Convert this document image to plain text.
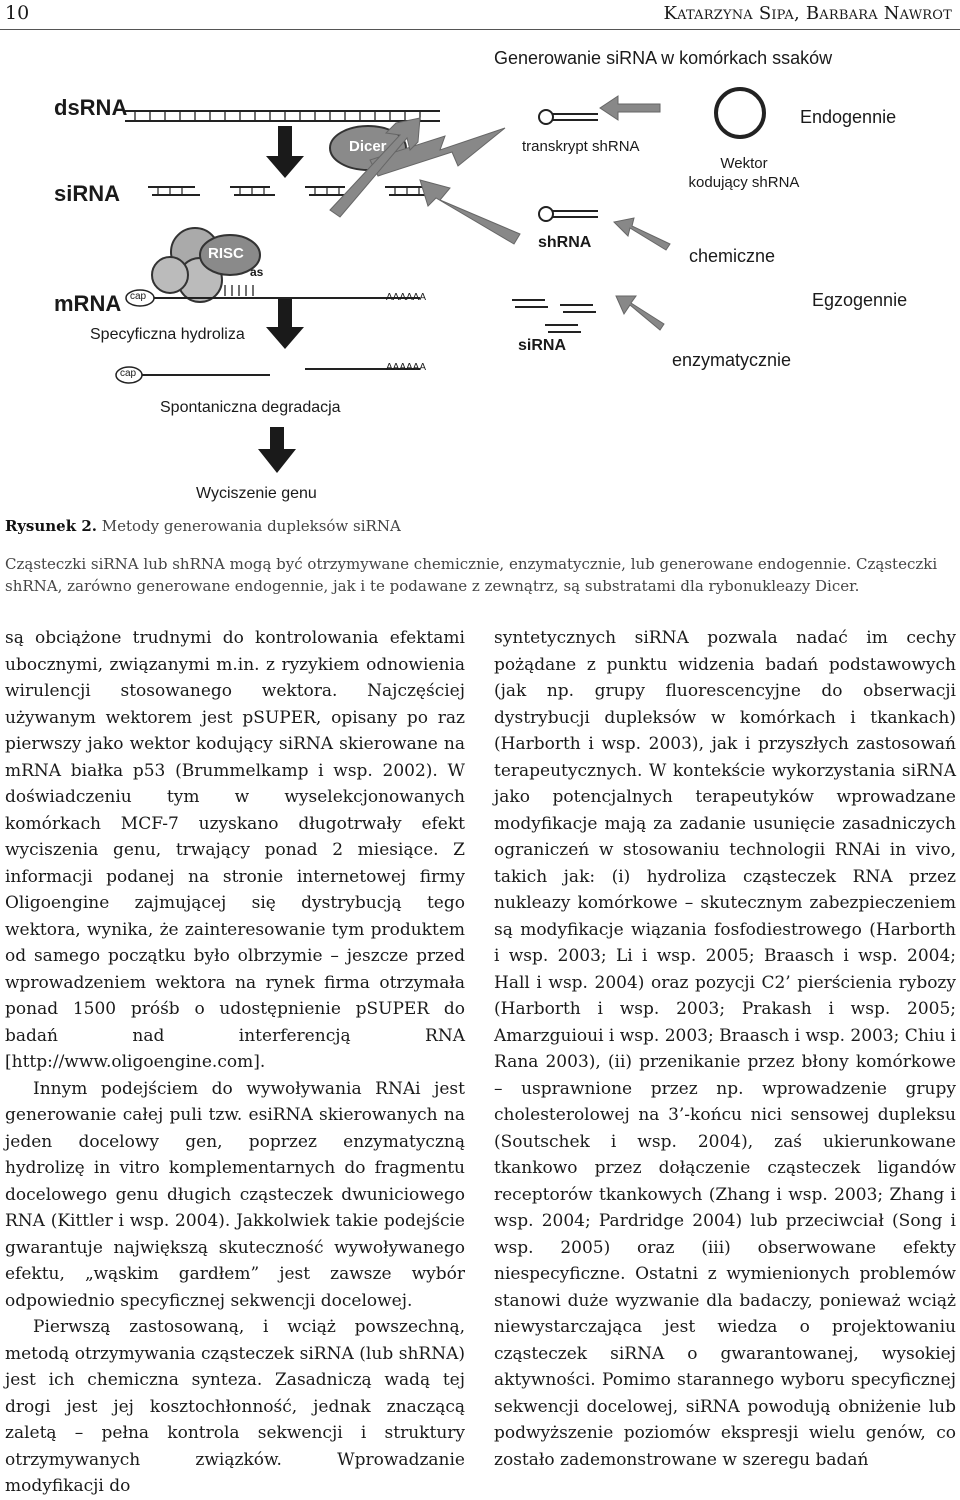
10	Katarzyna Sipa, Barbara Nawrot
Generowanie siRNA w komórkach ssaków
dsRNA
siRNA
mRNA
Dicer
RISC
as
cap
cap
AAAAAA
AAAAAA
transkrypt shRNA
Wektor
kodujący shRNA
Endogennie
shRNA
chemiczne
Egzogennie
siRNA
enzymatycznie
Specyficzna hydroliza
Spontaniczna degradacja
Wyciszenie genu
Rysunek 2. Metody generowania dupleksów siRNA
Cząsteczki siRNA lub shRNA mogą być otrzymywane chemicznie, enzymatycznie, lub generowane endogennie. Cząsteczki shRNA, zarówno generowane endogennie, jak i te podawane z zewnątrz, są substratami dla rybonukleazy Dicer.

są obciążone trudnymi do kontrolowania efektami ubocznymi, związanymi m.in. z ryzykiem odnowienia wirulencji stosowanego wektora. Najczęściej używanym wektorem jest pSUPER, opisany po raz pierwszy jako wektor kodujący siRNA skierowane na mRNA białka p53 (Brummelkamp i wsp. 2002). W doświadczeniu tym w wyselekcjonowanych komórkach MCF-7 uzyskano długotrwały efekt wyciszenia genu, trwający ponad 2 miesiące. Z informacji podanej na stronie internetowej firmy Oligoengine zajmującej się dystrybucją tego wektora, wynika, że zainteresowanie tym produktem od samego początku było olbrzymie – jeszcze przed wprowadzeniem wektora na rynek firma otrzymała ponad 1500 próśb o udostępnienie pSUPER do badań nad interferencją RNA [http://www.oligoengine.com].

Innym podejściem do wywoływania RNAi jest generowanie całej puli tzw. esiRNA skierowanych na jeden docelowy gen, poprzez enzymatyczną hydrolizę in vitro komplementarnych do fragmentu docelowego genu długich cząsteczek dwuniciowego RNA (Kittler i wsp. 2004). Jakkolwiek takie podejście gwarantuje największą skuteczność wywoływanego efektu, „wąskim gardłem” jest zawsze wybór odpowiednio specyficznej sekwencji docelowej.

Pierwszą zastosowaną, i wciąż powszechną, metodą otrzymywania cząsteczek siRNA (lub shRNA) jest ich chemiczna synteza. Zasadniczą wadą tej drogi jest jej kosztochłonność, jednak znaczącą zaletą – pełna kontrola sekwencji i struktury otrzymywanych związków. Wprowadzanie modyfikacji do

syntetycznych siRNA pozwala nadać im cechy pożądane z punktu widzenia badań podstawowych (jak np. grupy fluorescencyjne do obserwacji dystrybucji dupleksów w komórkach i tkankach) (Harborth i wsp. 2003), jak i przyszłych zastosowań terapeutycznych. W kontekście wykorzystania siRNA jako potencjalnych terapeutyków wprowadzane modyfikacje mają za zadanie usunięcie zasadniczych ograniczeń w stosowaniu technologii RNAi in vivo, takich jak: (i) hydroliza cząsteczek RNA przez nukleazy komórkowe – skutecznym zabezpieczeniem są modyfikacje wiązania fosfodiestrowego (Harborth i wsp. 2003; Li i wsp. 2005; Braasch i wsp. 2004; Hall i wsp. 2004) oraz pozycji C2’ pierścienia rybozy (Harborth i wsp. 2003; Prakash i wsp. 2005; Amarzguioui i wsp. 2003; Braasch i wsp. 2003; Chiu i Rana 2003), (ii) przenikanie przez błony komórkowe – usprawnione przez np. wprowadzenie grupy cholesterolowej na 3’-końcu nici sensowej dupleksu (Soutschek i wsp. 2004), zaś ukierunkowane tkankowo przez dołączenie cząsteczek ligandów receptorów tkankowych (Zhang i wsp. 2003; Zhang i wsp. 2004; Pardridge 2004) lub przeciwciał (Song i wsp. 2005) oraz (iii) obserwowane efekty niespecyficzne. Ostatni z wymienionych problemów stanowi duże wyzwanie dla badaczy, ponieważ wciąż niewystarczająca jest wiedza o projektowaniu cząsteczek siRNA o gwarantowanej, wysokiej aktywności. Pomimo starannego wyboru specyficznej sekwencji docelowej, siRNA powodują obniżenie lub podwyższenie poziomów ekspresji wielu genów, co zostało zademonstrowane w szeregu badań
